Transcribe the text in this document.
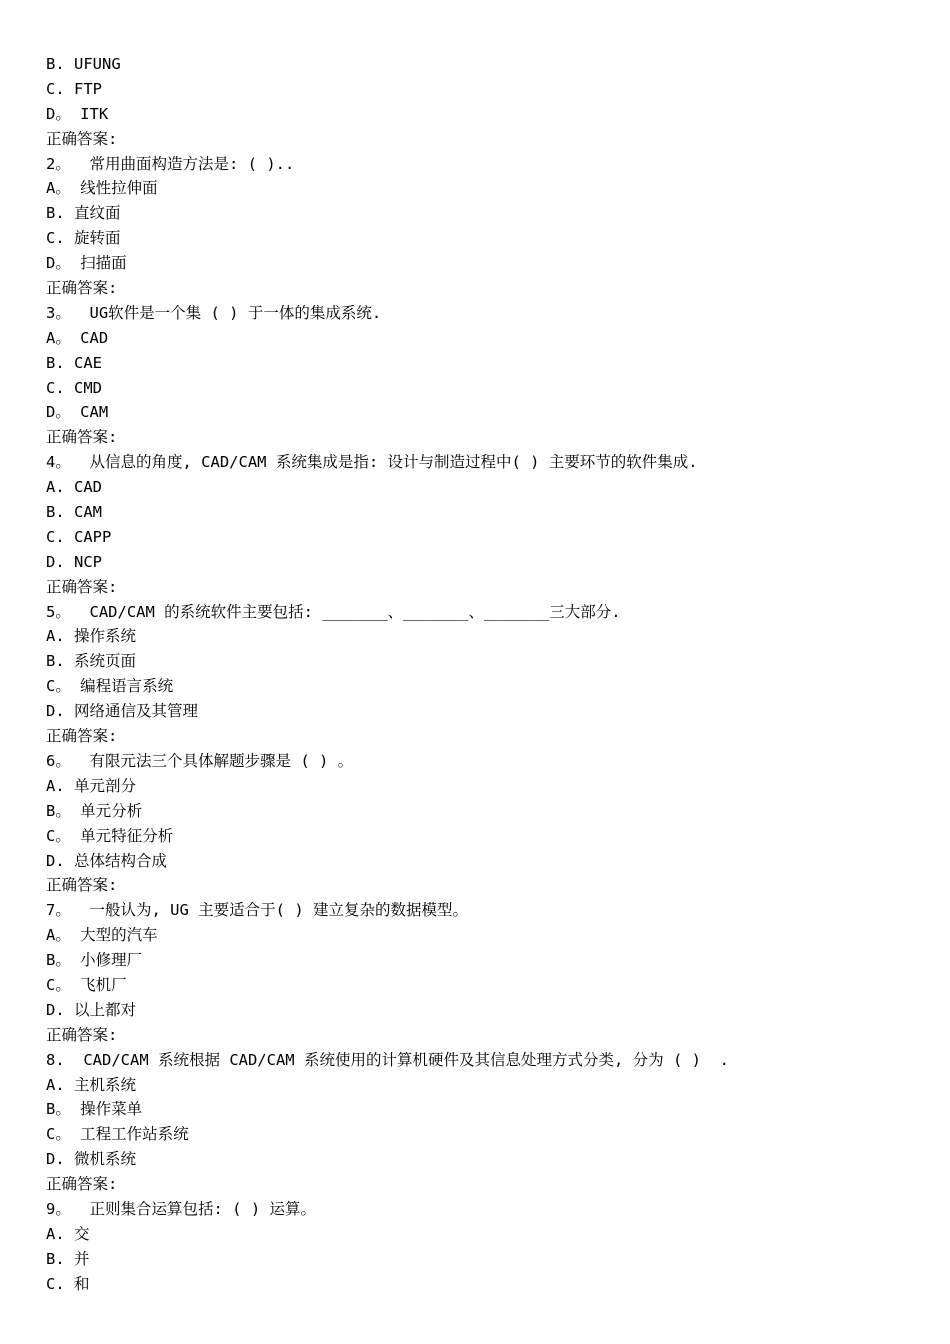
B. UFUNG
C. FTP
D。 ITK
正确答案:
2。  常用曲面构造方法是: ( )..
A。 线性拉伸面
B. 直纹面
C. 旋转面
D。 扫描面
正确答案:
3。  UG软件是一个集 ( ) 于一体的集成系统.
A。 CAD
B. CAE
C. CMD
D。 CAM
正确答案:
4。  从信息的角度, CAD/CAM 系统集成是指: 设计与制造过程中( ) 主要环节的软件集成.
A. CAD
B. CAM
C. CAPP
D. NCP
正确答案:
5。  CAD/CAM 的系统软件主要包括: _______、_______、_______三大部分.
A. 操作系统
B. 系统页面
C。 编程语言系统
D. 网络通信及其管理
正确答案:
6。  有限元法三个具体解题步骤是 ( ) 。
A. 单元剖分
B。 单元分析
C。 单元特征分析
D. 总体结构合成
正确答案:
7。  一般认为, UG 主要适合于( ) 建立复杂的数据模型。
A。 大型的汽车
B。 小修理厂
C。 飞机厂
D. 以上都对
正确答案:
8.  CAD/CAM 系统根据 CAD/CAM 系统使用的计算机硬件及其信息处理方式分类, 分为 ( )  .
A. 主机系统
B。 操作菜单
C。 工程工作站系统
D. 微机系统
正确答案:
9。  正则集合运算包括: ( ) 运算。
A. 交
B. 并
C. 和
